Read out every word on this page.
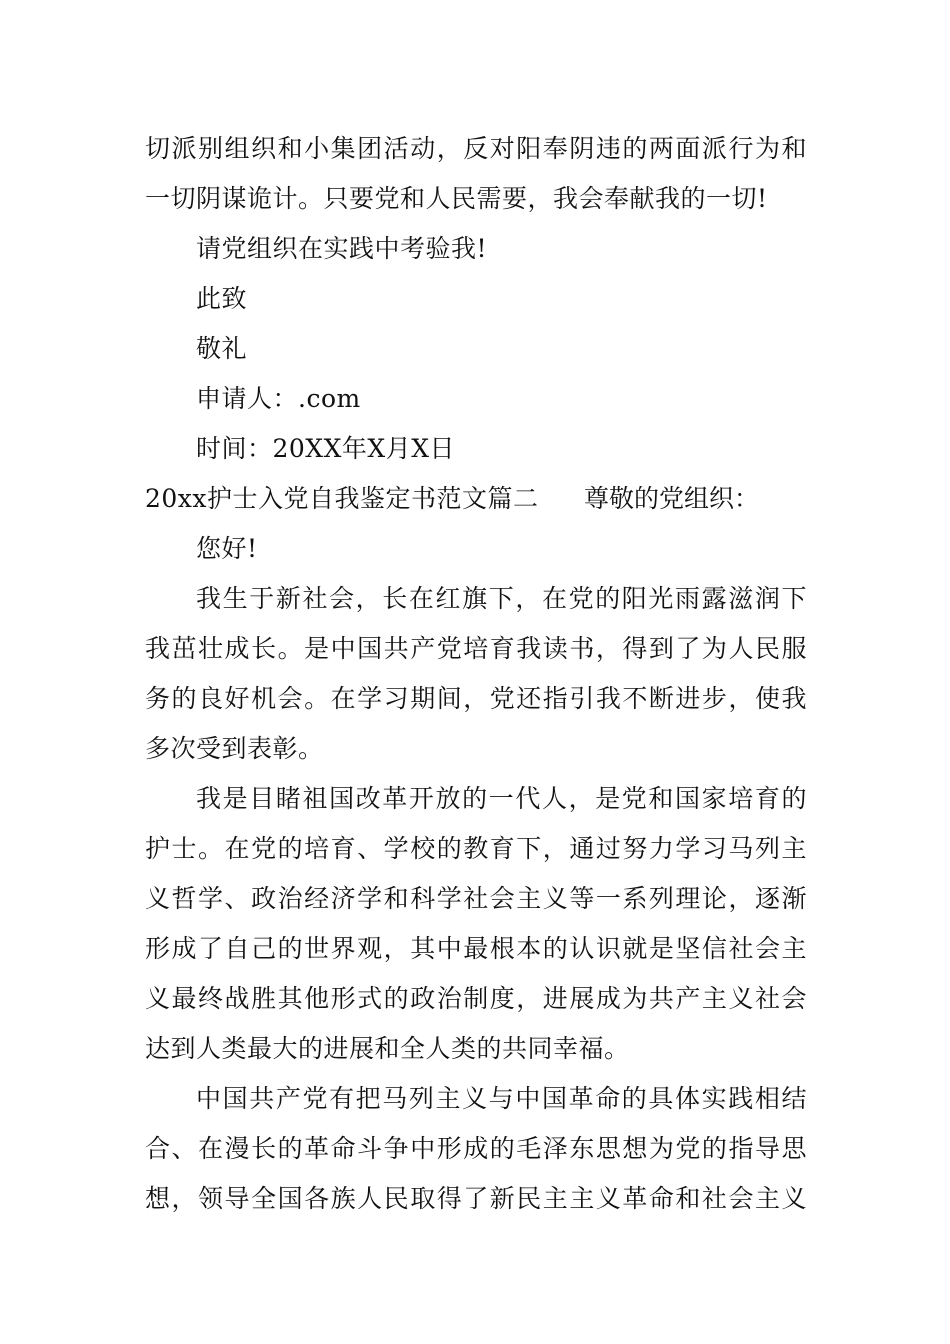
切派别组织和小集团活动，反对阳奉阴违的两面派行为和
一切阴谋诡计。只要党和人民需要，我会奉献我的一切!
请党组织在实践中考验我!
此致
敬礼
申请人：.com
时间：20XX年X月X日
20xx护士入党自我鉴定书范文篇二 尊敬的党组织：
您好!
我生于新社会，长在红旗下，在党的阳光雨露滋润下
我茁壮成长。是中国共产党培育我读书，得到了为人民服
务的良好机会。在学习期间，党还指引我不断进步，使我
多次受到表彰。
我是目睹祖国改革开放的一代人，是党和国家培育的
护士。在党的培育、学校的教育下，通过努力学习马列主
义哲学、政治经济学和科学社会主义等一系列理论，逐渐
形成了自己的世界观，其中最根本的认识就是坚信社会主
义最终战胜其他形式的政治制度，进展成为共产主义社会
达到人类最大的进展和全人类的共同幸福。
中国共产党有把马列主义与中国革命的具体实践相结
合、在漫长的革命斗争中形成的毛泽东思想为党的指导思
想，领导全国各族人民取得了新民主主义革命和社会主义
